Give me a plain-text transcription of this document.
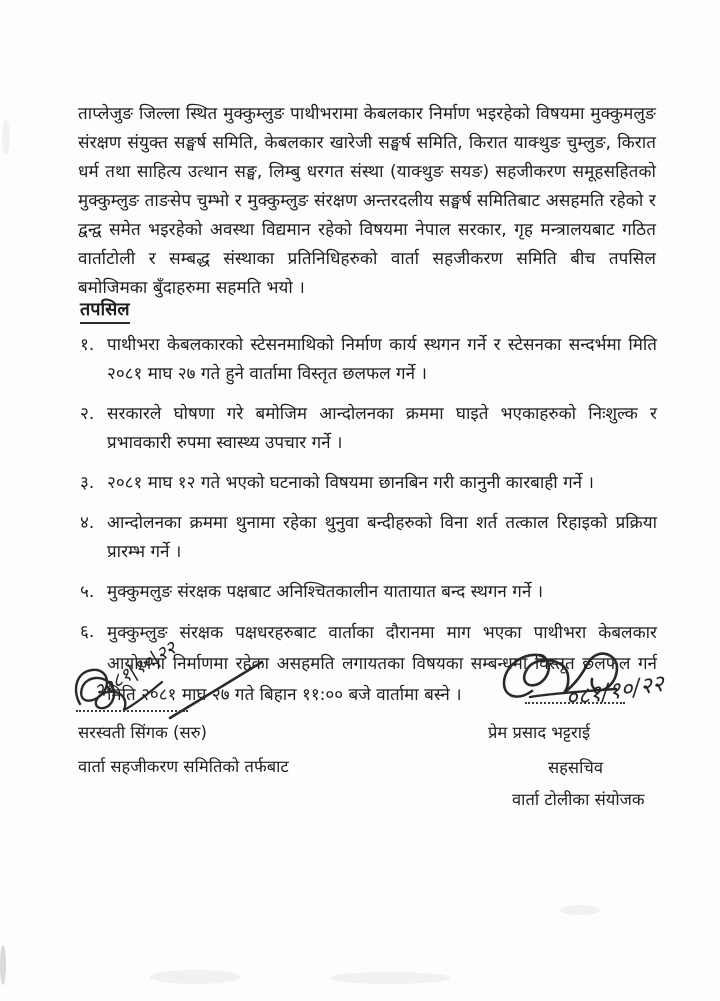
ताप्लेजुङ जिल्ला स्थित मुक्कुम्लुङ पाथीभरामा केबलकार निर्माण भइरहेको विषयमा मुक्कुमलुङ संरक्षण संयुक्त सङ्घर्ष समिति, केबलकार खारेजी सङ्घर्ष समिति, किरात याक्थुङ चुम्लुङ, किरात धर्म तथा साहित्य उत्थान सङ्घ, लिम्बु धरगत संस्था (याक्थुङ सयङ) सहजीकरण समूहसहितको मुक्कुम्लुङ ताङसेप चुम्भो र मुक्कुम्लुङ संरक्षण अन्तरदलीय सङ्घर्ष समितिबाट असहमति रहेको र द्वन्द्व समेत भइरहेको अवस्था विद्यमान रहेको विषयमा नेपाल सरकार, गृह मन्त्रालयबाट गठित वार्ताटोली र सम्बद्ध संस्थाका प्रतिनिधिहरुको वार्ता सहजीकरण समिति बीच तपसिल बमोजिमका बुँदाहरुमा सहमति भयो ।
तपसिल
१. पाथीभरा केबलकारको स्टेसनमाथिको निर्माण कार्य स्थगन गर्ने र स्टेसनका सन्दर्भमा मिति २०८१ माघ २७ गते हुने वार्तामा विस्तृत छलफल गर्ने ।
२. सरकारले घोषणा गरे बमोजिम आन्दोलनका क्रममा घाइते भएकाहरुको निःशुल्क र प्रभावकारी रुपमा स्वास्थ्य उपचार गर्ने ।
३. २०८१ माघ १२ गते भएको घटनाको विषयमा छानबिन गरी कानुनी कारबाही गर्ने ।
४. आन्दोलनका क्रममा थुनामा रहेका थुनुवा बन्दीहरुको विना शर्त तत्काल रिहाइको प्रक्रिया प्रारम्भ गर्ने ।
५. मुक्कुमलुङ संरक्षक पक्षबाट अनिश्चितकालीन यातायात बन्द स्थगन गर्ने ।
६. मुक्कुम्लुङ संरक्षक पक्षधरहरुबाट वार्ताका दौरानमा माग भएका पाथीभरा केबलकार आयोजना निर्माणमा रहेका असहमति लगायतका विषयका सम्बन्धमा विस्तृत छलफल गर्न मिति २०८१ माघ २७ गते बिहान ११:०० बजे वार्तामा बस्ने ।
२०८१|१०|२२
सरस्वती सिंगक (सरु)
वार्ता सहजीकरण समितिको तर्फबाट
०८१/१०/२२
प्रेम प्रसाद भट्टराई
सहसचिव
वार्ता टोलीका संयोजक
